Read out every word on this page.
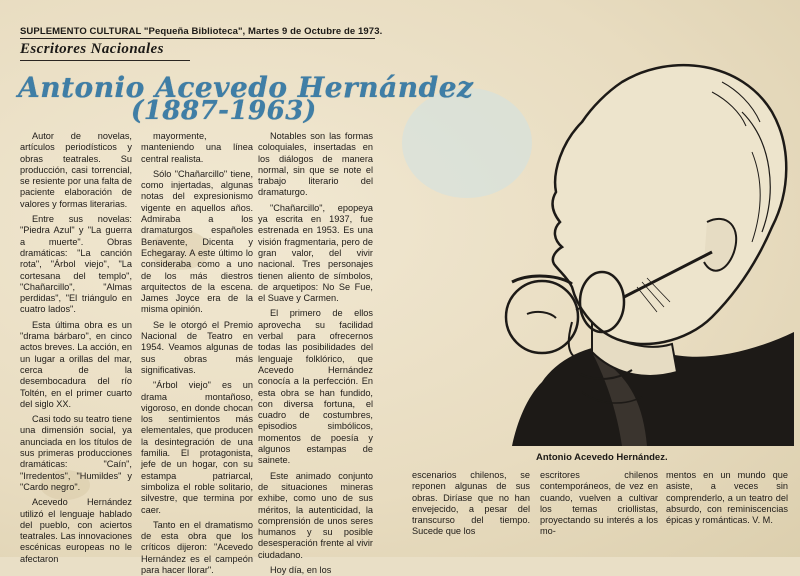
SUPLEMENTO CULTURAL "Pequeña Biblioteca", Martes 9 de Octubre de 1973.
Escritores Nacionales
Antonio Acevedo Hernández
(1887-1963)

Autor de novelas, artículos periodísticos y obras teatrales. Su producción, casi torrencial, se resiente por una falta de paciente elaboración de valores y formas literarias.

Entre sus novelas: "Piedra Azul" y "La guerra a muerte". Obras dramáticas: "La canción rota", "Árbol viejo", "La cortesana del templo", "Chañarcillo", "Almas perdidas", "El triángulo en cuatro lados".

Esta última obra es un "drama bárbaro", en cinco actos breves. La acción, en un lugar a orillas del mar, cerca de la desembocadura del río Toltén, en el primer cuarto del siglo XX.

Casi todo su teatro tiene una dimensión social, ya anunciada en los títulos de sus primeras producciones dramáticas: "Caín", "Irredentos", "Humildes" y "Cardo negro".

Acevedo Hernández utilizó el lenguaje hablado del pueblo, con aciertos teatrales. Las innovaciones escénicas europeas no le afectaron

mayormente, manteniendo una línea central realista.

Sólo "Chañarcillo" tiene, como injertadas, algunas notas del expresionismo vigente en aquellos años. Admiraba a los dramaturgos españoles Benavente, Dicenta y Echegaray. A este último lo consideraba como a uno de los más diestros arquitectos de la escena. James Joyce era de la misma opinión.

Se le otorgó el Premio Nacional de Teatro en 1954. Veamos algunas de sus obras más significativas.

"Árbol viejo" es un drama montañoso, vigoroso, en donde chocan los sentimientos más elementales, que producen la desintegración de una familia. El protagonista, jefe de un hogar, con su estampa patriarcal, simboliza el roble solitario, silvestre, que termina por caer.

Tanto en el dramatismo de esta obra que los críticos dijeron: "Acevedo Hernández es el campeón para hacer llorar".

Notables son las formas coloquiales, insertadas en los diálogos de manera normal, sin que se note el trabajo literario del dramaturgo.

"Chañarcillo", epopeya ya escrita en 1937, fue estrenada en 1953. Es una visión fragmentaria, pero de gran valor, del vivir nacional. Tres personajes tienen aliento de símbolos, de arquetipos: No Se Fue, el Suave y Carmen.

El primero de ellos aprovecha su facilidad verbal para ofrecernos todas las posibilidades del lenguaje folklórico, que Acevedo Hernández conocía a la perfección. En esta obra se han fundido, con diversa fortuna, el cuadro de costumbres, episodios simbólicos, momentos de poesía y algunos estampas de sainete.

Este animado conjunto de situaciones mineras exhibe, como uno de sus méritos, la autenticidad, la comprensión de unos seres humanos y su posible desesperación frente al vivir ciudadano.

Hoy día, en los

escenarios chilenos, se reponen algunas de sus obras. Diríase que no han envejecido, a pesar del transcurso del tiempo. Sucede que los

escritores chilenos contemporáneos, de vez en cuando, vuelven a cultivar los temas criollistas, proyectando su interés a los mo-

mentos en un mundo que asiste, a veces sin comprenderlo, a un teatro del absurdo, con reminiscencias épicas y románticas. V. M.

Antonio Acevedo Hernández.
